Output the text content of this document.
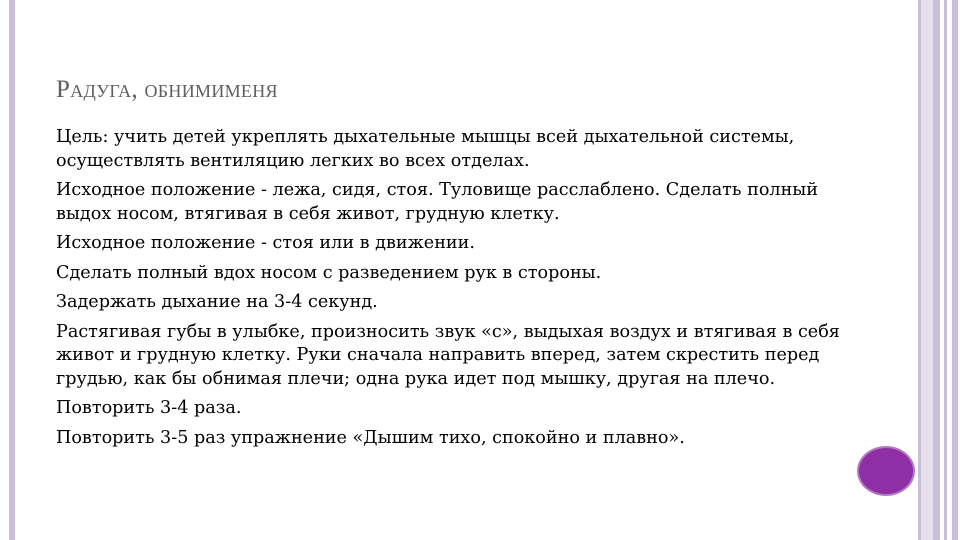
Радуга, обнимименя

Цель: учить детей укреплять дыхательные мышцы всей дыхательной системы, осуществлять вентиляцию легких во всех отделах.

Исходное положение - лежа, сидя, стоя. Туловище расслаблено. Сделать полный выдох носом, втягивая в себя живот, грудную клетку.

Исходное положение - стоя или в движении.

Сделать полный вдох носом с разведением рук в стороны.

Задержать дыхание на 3-4 секунд.

Растягивая губы в улыбке, произносить звук «с», выдыхая воздух и втягивая в себя живот и грудную клетку. Руки сначала направить вперед, затем скрестить перед грудью, как бы обнимая плечи; одна рука идет под мышку, другая на плечо.

Повторить 3-4 раза.

Повторить 3-5 раз упражнение «Дышим тихо, спокойно и плавно».
